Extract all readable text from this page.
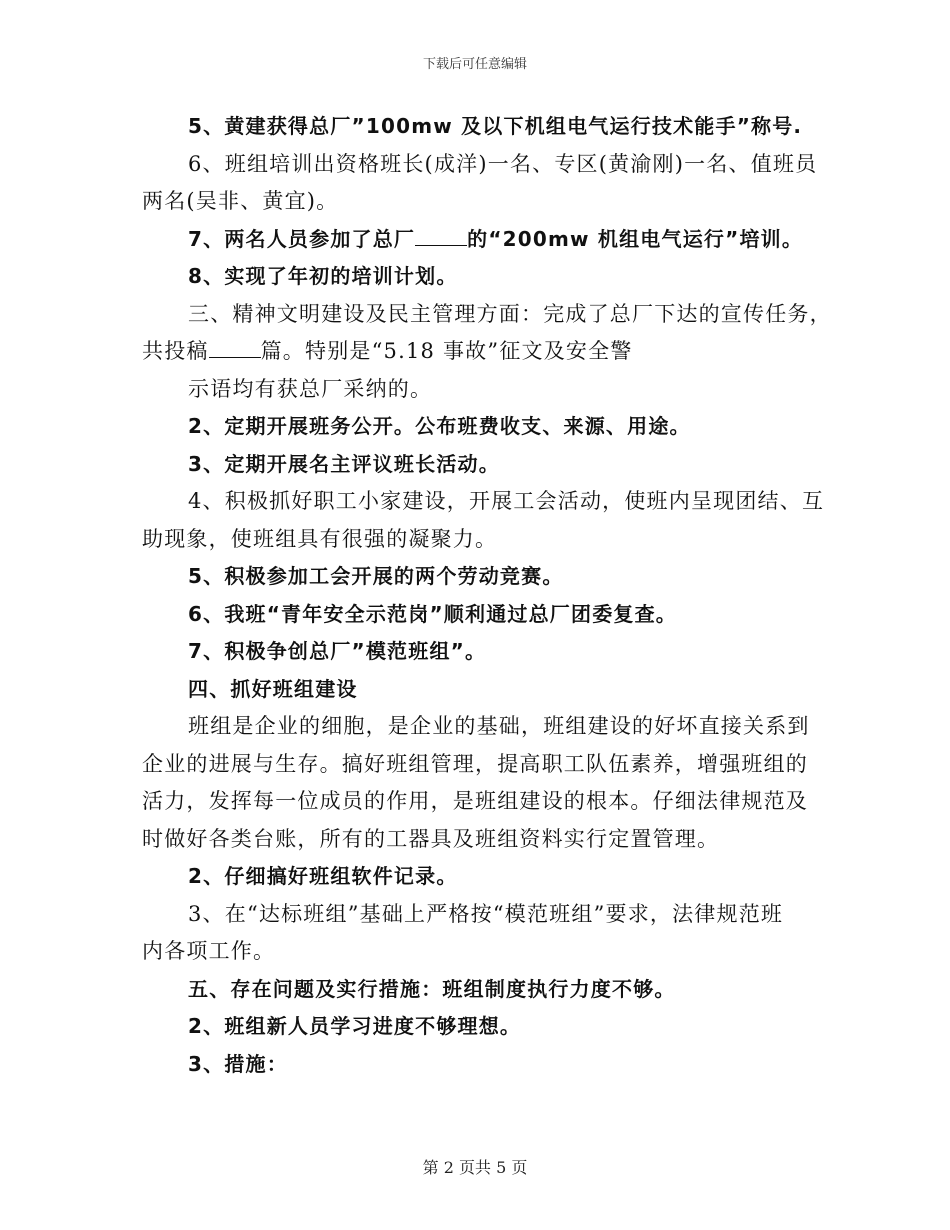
下载后可任意编辑
5、黄建获得总厂”100mw 及以下机组电气运行技术能手”称号.
6、班组培训出资格班长(成洋)一名、专区(黄渝刚)一名、值班员
两名(吴非、黄宜)。
7、两名人员参加了总厂	的“200mw 机组电气运行”培训。
8、实现了年初的培训计划。
三、精神文明建设及民主管理方面：完成了总厂下达的宣传任务，
共投稿 篇。特别是“5.18 事故”征文及安全警
示语均有获总厂采纳的。
2、定期开展班务公开。公布班费收支、来源、用途。
3、定期开展名主评议班长活动。
4、积极抓好职工小家建设，开展工会活动，使班内呈现团结、互
助现象，使班组具有很强的凝聚力。
5、积极参加工会开展的两个劳动竞赛。
6、我班“青年安全示范岗”顺利通过总厂团委复查。
7、积极争创总厂”模范班组”。
四、抓好班组建设
班组是企业的细胞，是企业的基础，班组建设的好坏直接关系到
企业的进展与生存。搞好班组管理，提高职工队伍素养，增强班组的
活力，发挥每一位成员的作用，是班组建设的根本。仔细法律规范及
时做好各类台账，所有的工器具及班组资料实行定置管理。
2、仔细搞好班组软件记录。
3、在“达标班组”基础上严格按“模范班组”要求，法律规范班
内各项工作。
五、存在问题及实行措施：班组制度执行力度不够。
2、班组新人员学习进度不够理想。
3、措施：
第 2 页共 5 页
